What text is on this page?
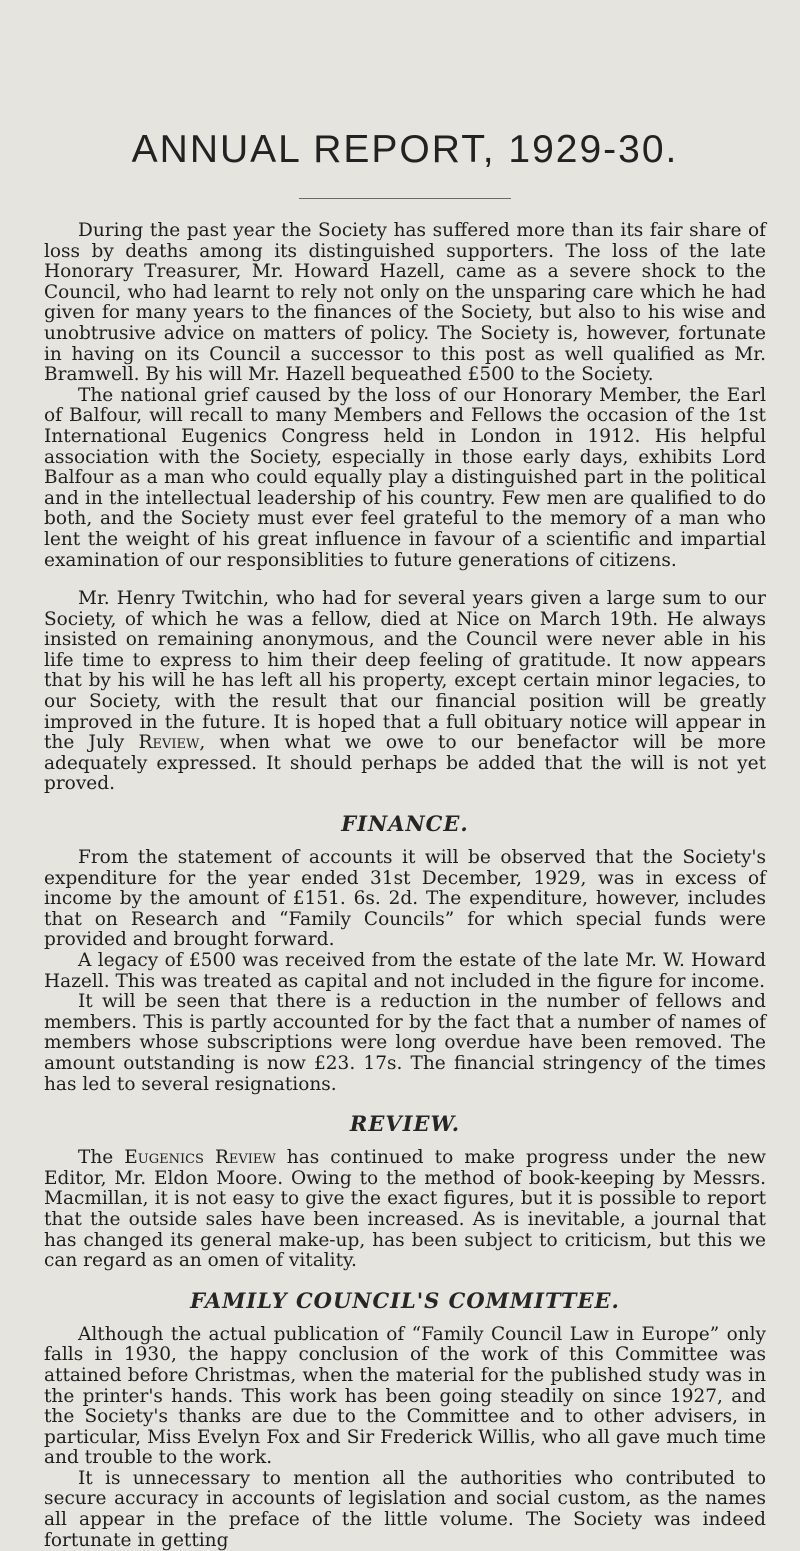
ANNUAL REPORT, 1929-30.

During the past year the Society has suffered more than its fair share of loss by deaths among its distinguished supporters. The loss of the late Honorary Treasurer, Mr. Howard Hazell, came as a severe shock to the Council, who had learnt to rely not only on the unsparing care which he had given for many years to the finances of the Society, but also to his wise and unobtrusive advice on matters of policy. The Society is, however, fortunate in having on its Council a successor to this post as well qualified as Mr. Bramwell. By his will Mr. Hazell bequeathed £500 to the Society.

The national grief caused by the loss of our Honorary Member, the Earl of Balfour, will recall to many Members and Fellows the occasion of the 1st International Eugenics Congress held in London in 1912. His helpful association with the Society, especially in those early days, exhibits Lord Balfour as a man who could equally play a distinguished part in the political and in the intellectual leadership of his country. Few men are qualified to do both, and the Society must ever feel grateful to the memory of a man who lent the weight of his great influence in favour of a scientific and impartial examination of our responsiblities to future generations of citizens.

Mr. Henry Twitchin, who had for several years given a large sum to our Society, of which he was a fellow, died at Nice on March 19th. He always insisted on remaining anonymous, and the Council were never able in his life time to express to him their deep feeling of gratitude. It now appears that by his will he has left all his property, except certain minor legacies, to our Society, with the result that our financial position will be greatly improved in the future. It is hoped that a full obituary notice will appear in the July Review, when what we owe to our benefactor will be more adequately expressed. It should perhaps be added that the will is not yet proved.

FINANCE.

From the statement of accounts it will be observed that the Society's expenditure for the year ended 31st December, 1929, was in excess of income by the amount of £151. 6s. 2d. The expenditure, however, includes that on Research and “Family Councils” for which special funds were provided and brought forward.

A legacy of £500 was received from the estate of the late Mr. W. Howard Hazell. This was treated as capital and not included in the figure for income.

It will be seen that there is a reduction in the number of fellows and members. This is partly accounted for by the fact that a number of names of members whose subscriptions were long overdue have been removed. The amount outstanding is now £23. 17s. The financial stringency of the times has led to several resignations.

REVIEW.

The Eugenics Review has continued to make progress under the new Editor, Mr. Eldon Moore. Owing to the method of book-keeping by Messrs. Macmillan, it is not easy to give the exact figures, but it is possible to report that the outside sales have been increased. As is inevitable, a journal that has changed its general make-up, has been subject to criticism, but this we can regard as an omen of vitality.

FAMILY COUNCIL'S COMMITTEE.

Although the actual publication of “Family Council Law in Europe” only falls in 1930, the happy conclusion of the work of this Committee was attained before Christmas, when the material for the published study was in the printer's hands. This work has been going steadily on since 1927, and the Society's thanks are due to the Committee and to other advisers, in particular, Miss Evelyn Fox and Sir Frederick Willis, who all gave much time and trouble to the work.

It is unnecessary to mention all the authorities who contributed to secure accuracy in accounts of legislation and social custom, as the names all appear in the preface of the little volume. The Society was indeed fortunate in getting
